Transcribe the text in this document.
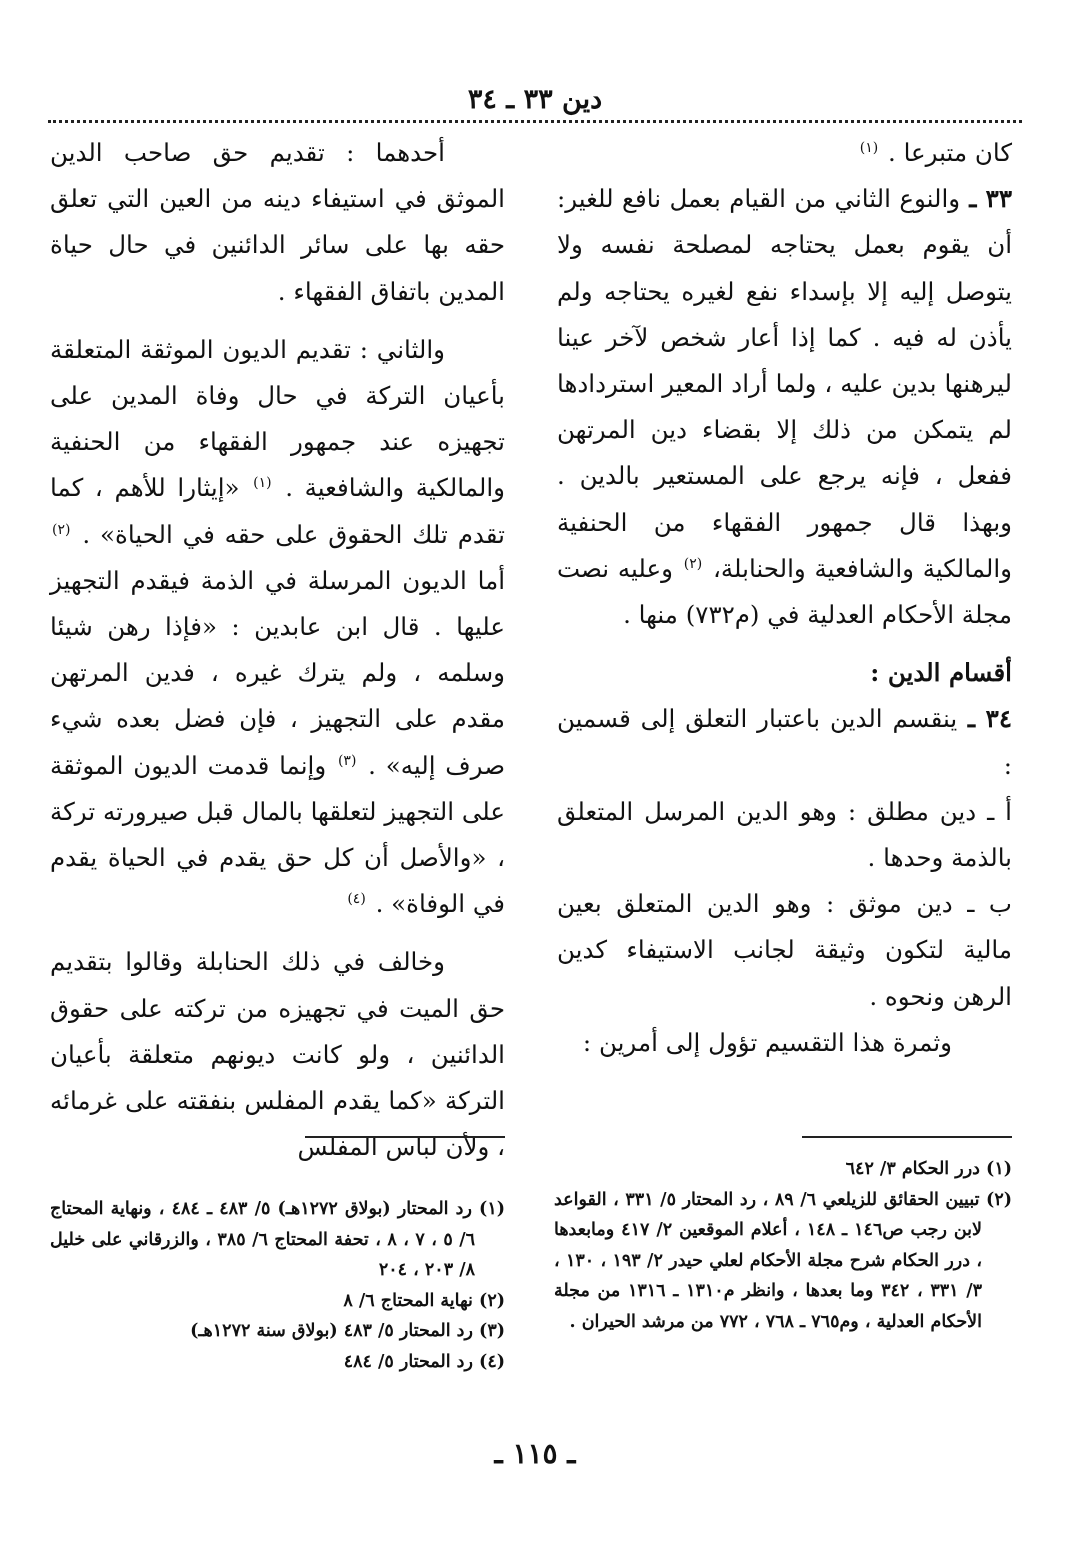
دين ٣٣ ـ ٣٤

كان متبرعا . $^{(١)}$

٣٣ ـ والنوع الثاني من القيام بعمل نافع للغير: أن يقوم بعمل يحتاجه لمصلحة نفسه ولا يتوصل إليه إلا بإسداء نفع لغيره يحتاجه ولم يأذن له فيه . كما إذا أعار شخص لآخر عينا ليرهنها بدين عليه ، ولما أراد المعير استردادها لم يتمكن من ذلك إلا بقضاء دين المرتهن ففعل ، فإنه يرجع على المستعير بالدين . وبهذا قال جمهور الفقهاء من الحنفية والمالكية والشافعية والحنابلة، $^{(٢)}$ وعليه نصت مجلة الأحكام العدلية في (م٧٣٢) منها .

أقسام الدين :

٣٤ ـ ينقسم الدين باعتبار التعلق إلى قسمين :

أ ـ دين مطلق : وهو الدين المرسل المتعلق بالذمة وحدها .

ب ـ دين موثق : وهو الدين المتعلق بعين مالية لتكون وثيقة لجانب الاستيفاء كدين الرهن ونحوه .

وثمرة هذا التقسيم تؤول إلى أمرين :

أحدهما : تقديم حق صاحب الدين الموثق في استيفاء دينه من العين التي تعلق حقه بها على سائر الدائنين في حال حياة المدين باتفاق الفقهاء .

والثاني : تقديم الديون الموثقة المتعلقة بأعيان التركة في حال وفاة المدين على تجهيزه عند جمهور الفقهاء من الحنفية والمالكية والشافعية . $^{(١)}$ «إيثارا للأهم ، كما تقدم تلك الحقوق على حقه في الحياة» . $^{(٢)}$ أما الديون المرسلة في الذمة فيقدم التجهيز عليها . قال ابن عابدين : «فإذا رهن شيئا وسلمه ، ولم يترك غيره ، فدين المرتهن مقدم على التجهيز ، فإن فضل بعده شيء صرف إليه» . $^{(٣)}$ وإنما قدمت الديون الموثقة على التجهيز لتعلقها بالمال قبل صيرورته تركة ، «والأصل أن كل حق يقدم في الحياة يقدم في الوفاة» . $^{(٤)}$

وخالف في ذلك الحنابلة وقالوا بتقديم حق الميت في تجهيزه من تركته على حقوق الدائنين ، ولو كانت ديونهم متعلقة بأعيان التركة «كما يقدم المفلس بنفقته على غرمائه ، ولأن لباس المفلس

(١) درر الحكام ٣/ ٦٤٢

(٢) تبيين الحقائق للزيلعي ٦/ ٨٩ ، رد المحتار ٥/ ٣٣١ ، القواعد لابن رجب ص١٤٦ ـ ١٤٨ ، أعلام الموقعين ٢/ ٤١٧ ومابعدها ، درر الحكام شرح مجلة الأحكام لعلي حيدر ٢/ ١٩٣ ، ١٣٠ ، ٣/ ٣٣١ ، ٣٤٢ وما بعدها ، وانظر م١٣١٠ ـ ١٣١٦ من مجلة الأحكام العدلية ، وم٧٦٥ ـ ٧٦٨ ، ٧٧٢ من مرشد الحيران .

(١) رد المحتار (بولاق ١٢٧٢هـ) ٥/ ٤٨٣ ـ ٤٨٤ ، ونهاية المحتاج ٦/ ٥ ، ٧ ، ٨ ، تحفة المحتاج ٦/ ٣٨٥ ، والزرقاني على خليل ٨/ ٢٠٣ ، ٢٠٤

(٢) نهاية المحتاج ٦/ ٨

(٣) رد المحتار ٥/ ٤٨٣ (بولاق سنة ١٢٧٢هـ)

(٤) رد المحتار ٥/ ٤٨٤

ـ ١١٥ ـ
